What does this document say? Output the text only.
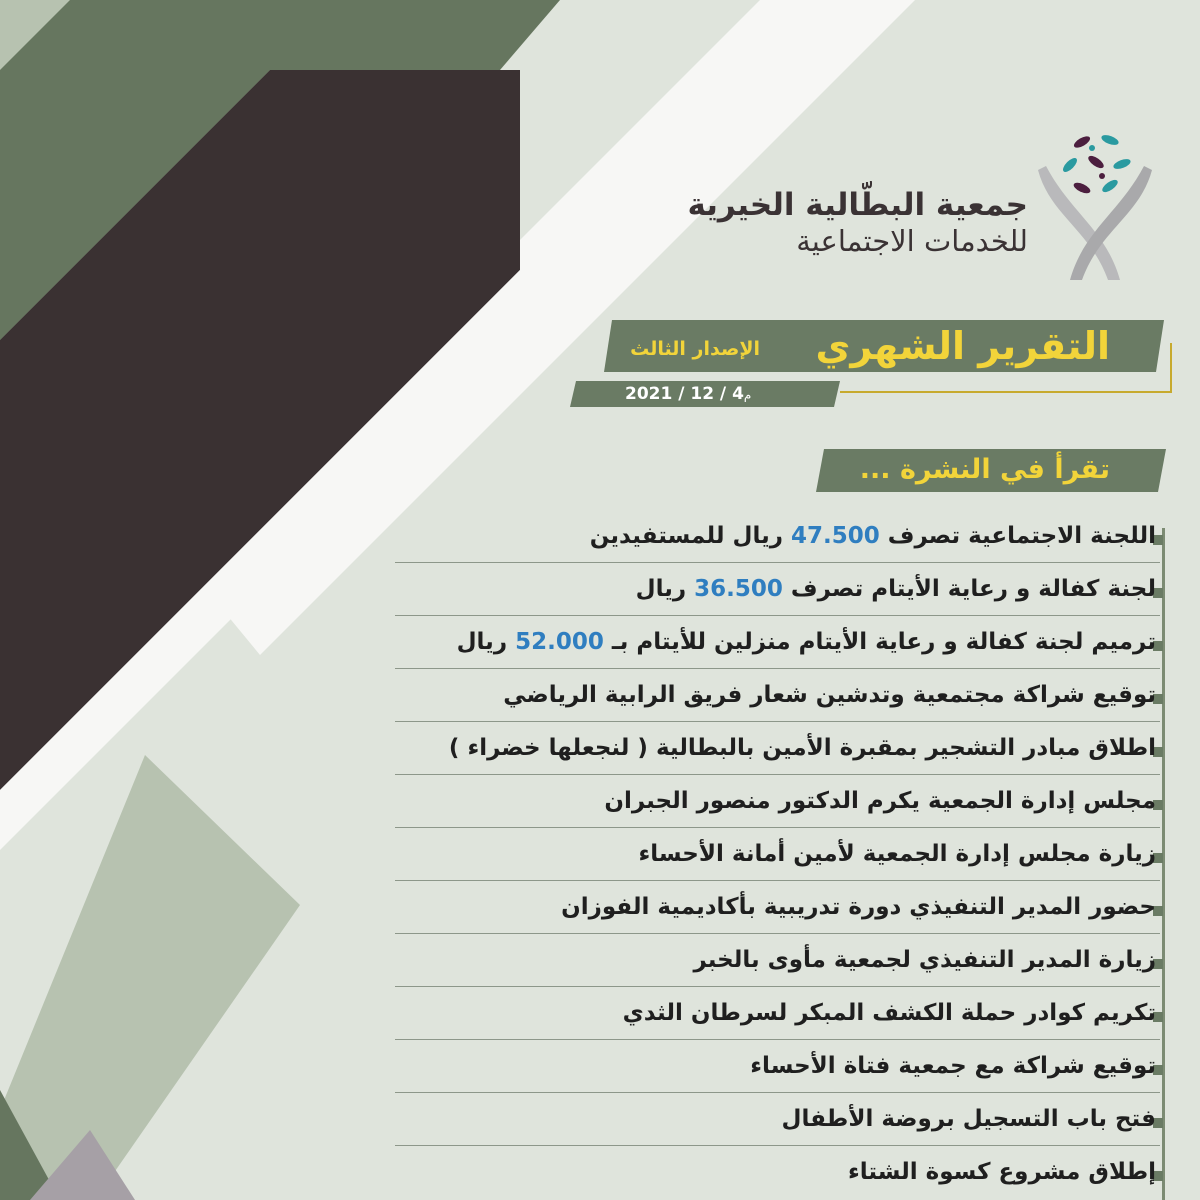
جمعية البطّالية الخيرية
للخدمات الاجتماعية
التقرير الشهري
الإصدار الثالث
2021 / 12 / 4م
تقرأ في النشرة ...
اللجنة الاجتماعية تصرف 47.500 ريال للمستفيدين
لجنة كفالة و رعاية الأيتام تصرف 36.500 ريال
ترميم لجنة كفالة و رعاية الأيتام منزلين للأيتام بـ 52.000 ريال
توقيع شراكة مجتمعية وتدشين شعار فريق الرابية الرياضي
اطلاق مبادر التشجير بمقبرة الأمين بالبطالية ( لنجعلها خضراء )
مجلس إدارة الجمعية يكرم الدكتور منصور الجبران
زيارة مجلس إدارة الجمعية لأمين أمانة الأحساء
حضور المدير التنفيذي دورة تدريبية بأكاديمية الفوزان
زيارة المدير التنفيذي لجمعية مأوى بالخبر
تكريم كوادر حملة الكشف المبكر لسرطان الثدي
توقيع شراكة مع جمعية فتاة الأحساء
فتح باب التسجيل بروضة الأطفال
إطلاق مشروع كسوة الشتاء
